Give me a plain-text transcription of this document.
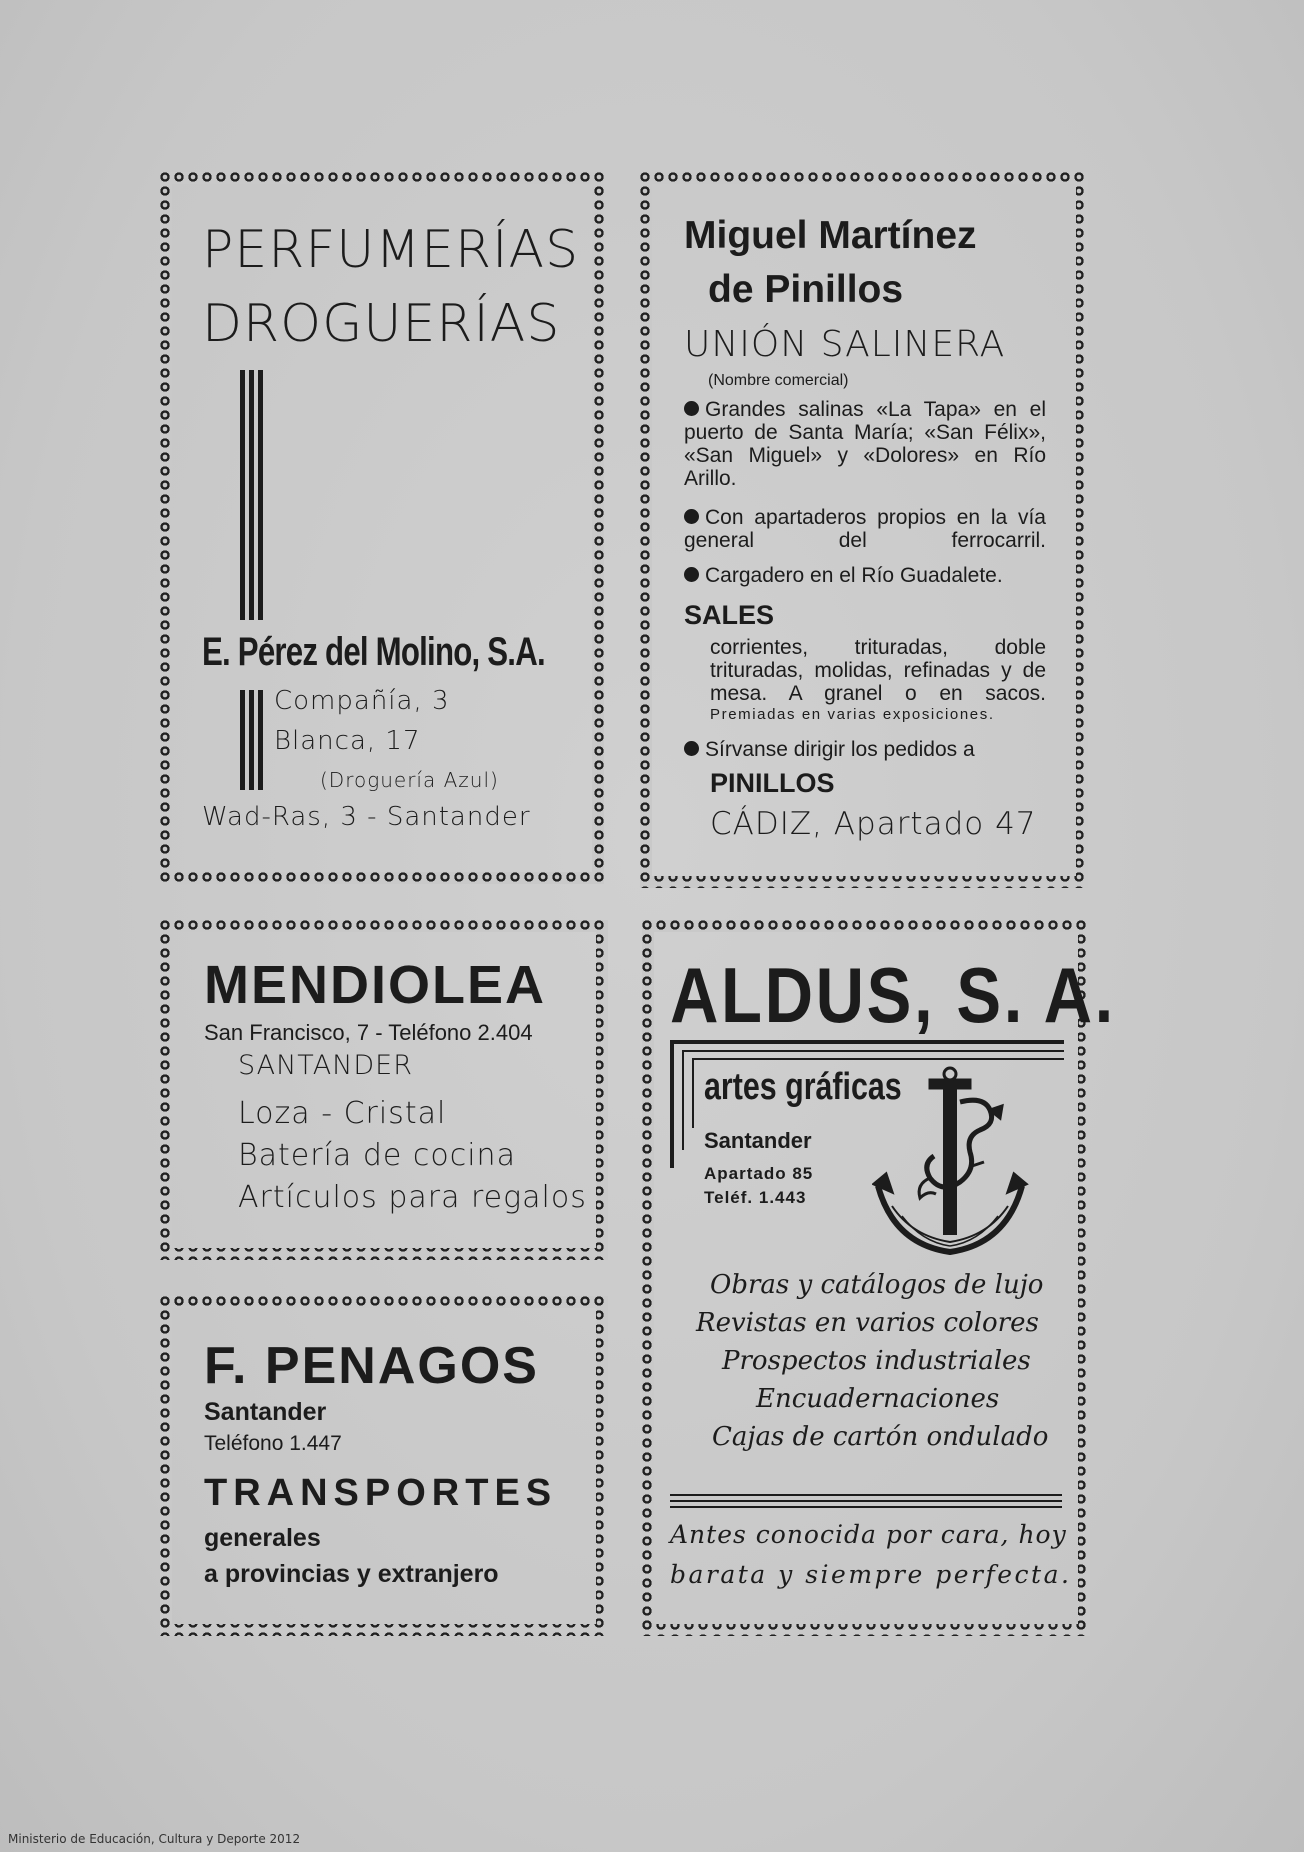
PERFUMERÍAS
DROGUERÍAS
E. Pérez del Molino, S.A.
Compañía, 3
Blanca, 17
(Droguería Azul)
Wad-Ras, 3 - Santander
Miguel Martínez
de Pinillos
UNIÓN SALINERA
(Nombre comercial)
Grandes salinas «La Tapa» en el puerto de Santa María; «San Félix», «San Miguel» y «Dolores» en Río Arillo.
Con apartaderos propios en la vía general del ferrocarril.
Cargadero en el Río Guadalete.
SALES
corrientes, trituradas, doble trituradas, molidas, refinadas y de mesa. A granel o en sacos.
Premiadas en varias exposiciones.
Sírvanse dirigir los pedidos a
PINILLOS
CÁDIZ, Apartado 47
MENDIOLEA
San Francisco, 7 - Teléfono 2.404
SANTANDER
Loza - Cristal
Batería de cocina
Artículos para regalos
F. PENAGOS
Santander
Teléfono 1.447
TRANSPORTES
generales
a provincias y extranjero
ALDUS, S. A.
artes gráficas
Santander
Apartado 85
Teléf. 1.443
Obras y catálogos de lujo
Revistas en varios colores
Prospectos industriales
Encuadernaciones
Cajas de cartón ondulado
Antes conocida por cara, hoy
barata y siempre perfecta.
Ministerio de Educación, Cultura y Deporte 2012
